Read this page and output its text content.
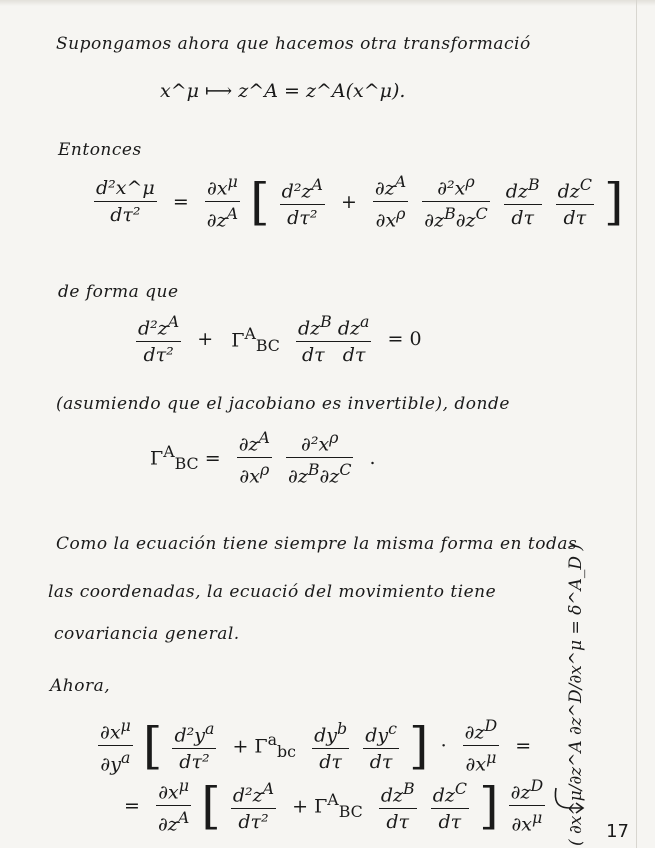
Supongamos ahora que hacemos otra transformació
x^μ ⟼ z^A = z^A(x^μ).
Entonces
$\frac{\text{d²x\textasciicircum{}μ}}{\text{dτ²}} = \frac{\partial x^\mu}{\partial z^A}$ [ $\frac{d^2z^A}{\text{dτ²}} + \frac{\partial z^A}{\partial x^\rho}$
$\frac{\partial^2x^\rho}{\partial z^B\partial z^C}$
$\frac{dz^B}{d\tau}$
$\frac{dz^C}{d\tau}$ ]
de forma que
$\frac{d^2z^A}{\text{dτ²}} + \Gamma^A_{BC} \frac{dz^B dz^a}{\text{dτ   dτ}} = 0$
(asumiendo que el jacobiano es invertible), donde
$\Gamma^A_{BC} = \frac{\partial z^A}{\partial x^\rho}$
$\frac{\partial^2x^\rho}{\partial z^B\partial z^C}$ .
Como la ecuación tiene siempre la misma forma en todas
las coordenadas, la ecuació del movimiento tiene
covariancia general.
Ahora,
$\frac{\partial x^\mu}{\partial y^a}$ [ $\frac{d^2y^a}{\text{dτ²}} + \Gamma^a_{bc} \frac{dy^b}{d\tau}$
$\frac{dy^c}{d\tau}$ ] · $\frac{\partial z^D}{\partial x^\mu}$ =
= $\frac{\partial x^\mu}{\partial z^A}$ [ $\frac{d^2z^A}{\text{dτ²}} + \Gamma^A_{BC} \frac{dz^B}{d\tau}$
$\frac{dz^C}{d\tau}$ ] $\frac{\partial z^D}{\partial x^\mu}$ ( ∂x^μ/∂z^A ∂z^D/∂x^μ = δ^A_D ) 17
